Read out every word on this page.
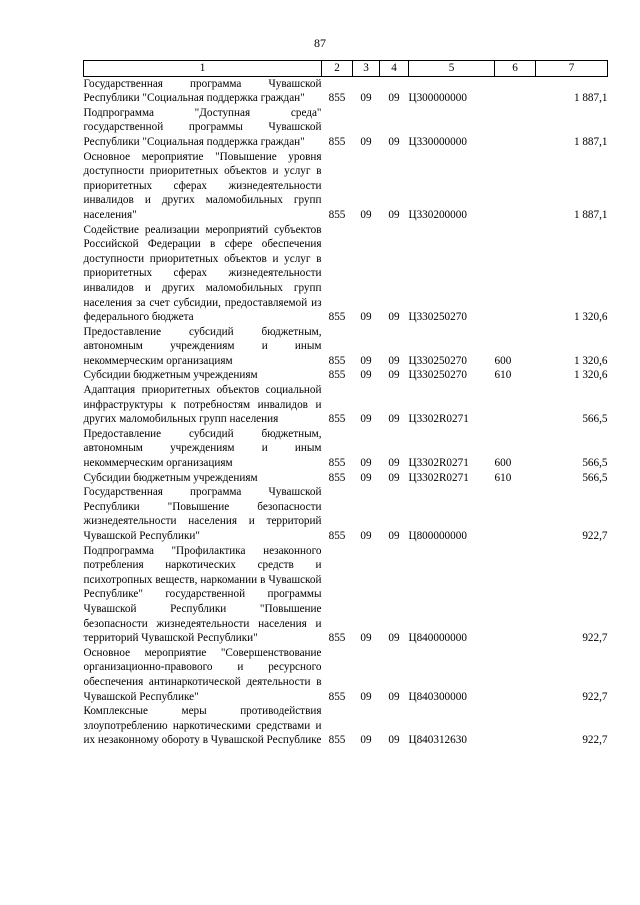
87
1	2	3	4	5	6	7
Государственная программа Чувашской Республики "Социальная поддержка граждан"	855	09	09	Ц300000000		1 887,1
Подпрограмма "Доступная среда" государственной программы Чувашской Республики "Социальная поддержка граждан"	855	09	09	Ц330000000		1 887,1
Основное мероприятие "Повышение уровня доступности приоритетных объектов и услуг в приоритетных сферах жизнедеятельности инвалидов и других маломобильных групп населения"	855	09	09	Ц330200000		1 887,1
Содействие реализации мероприятий субъектов Российской Федерации в сфере обеспечения доступности приоритетных объектов и услуг в приоритетных сферах жизнедеятельности инвалидов и других маломобильных групп населения за счет субсидии, предоставляемой из федерального бюджета	855	09	09	Ц330250270		1 320,6
Предоставление субсидий бюджетным, автономным учреждениям и иным некоммерческим организациям	855	09	09	Ц330250270	600	1 320,6
Субсидии бюджетным учреждениям	855	09	09	Ц330250270	610	1 320,6
Адаптация приоритетных объектов социальной инфраструктуры к потребностям инвалидов и других маломобильных групп населения	855	09	09	Ц3302R0271		566,5
Предоставление субсидий бюджетным, автономным учреждениям и иным некоммерческим организациям	855	09	09	Ц3302R0271	600	566,5
Субсидии бюджетным учреждениям	855	09	09	Ц3302R0271	610	566,5
Государственная программа Чувашской Республики "Повышение безопасности жизнедеятельности населения и территорий Чувашской Республики"	855	09	09	Ц800000000		922,7
Подпрограмма "Профилактика незаконного потребления наркотических средств и психотропных веществ, наркомании в Чувашской Республике" государственной программы Чувашской Республики "Повышение безопасности жизнедеятельности населения и территорий Чувашской Республики"	855	09	09	Ц840000000		922,7
Основное мероприятие "Совершенствование организационно-правового и ресурсного обеспечения антинаркотической деятельности в Чувашской Республике"	855	09	09	Ц840300000		922,7
Комплексные меры противодействия злоупотреблению наркотическими средствами и их незаконному обороту в Чувашской Республике	855	09	09	Ц840312630		922,7
